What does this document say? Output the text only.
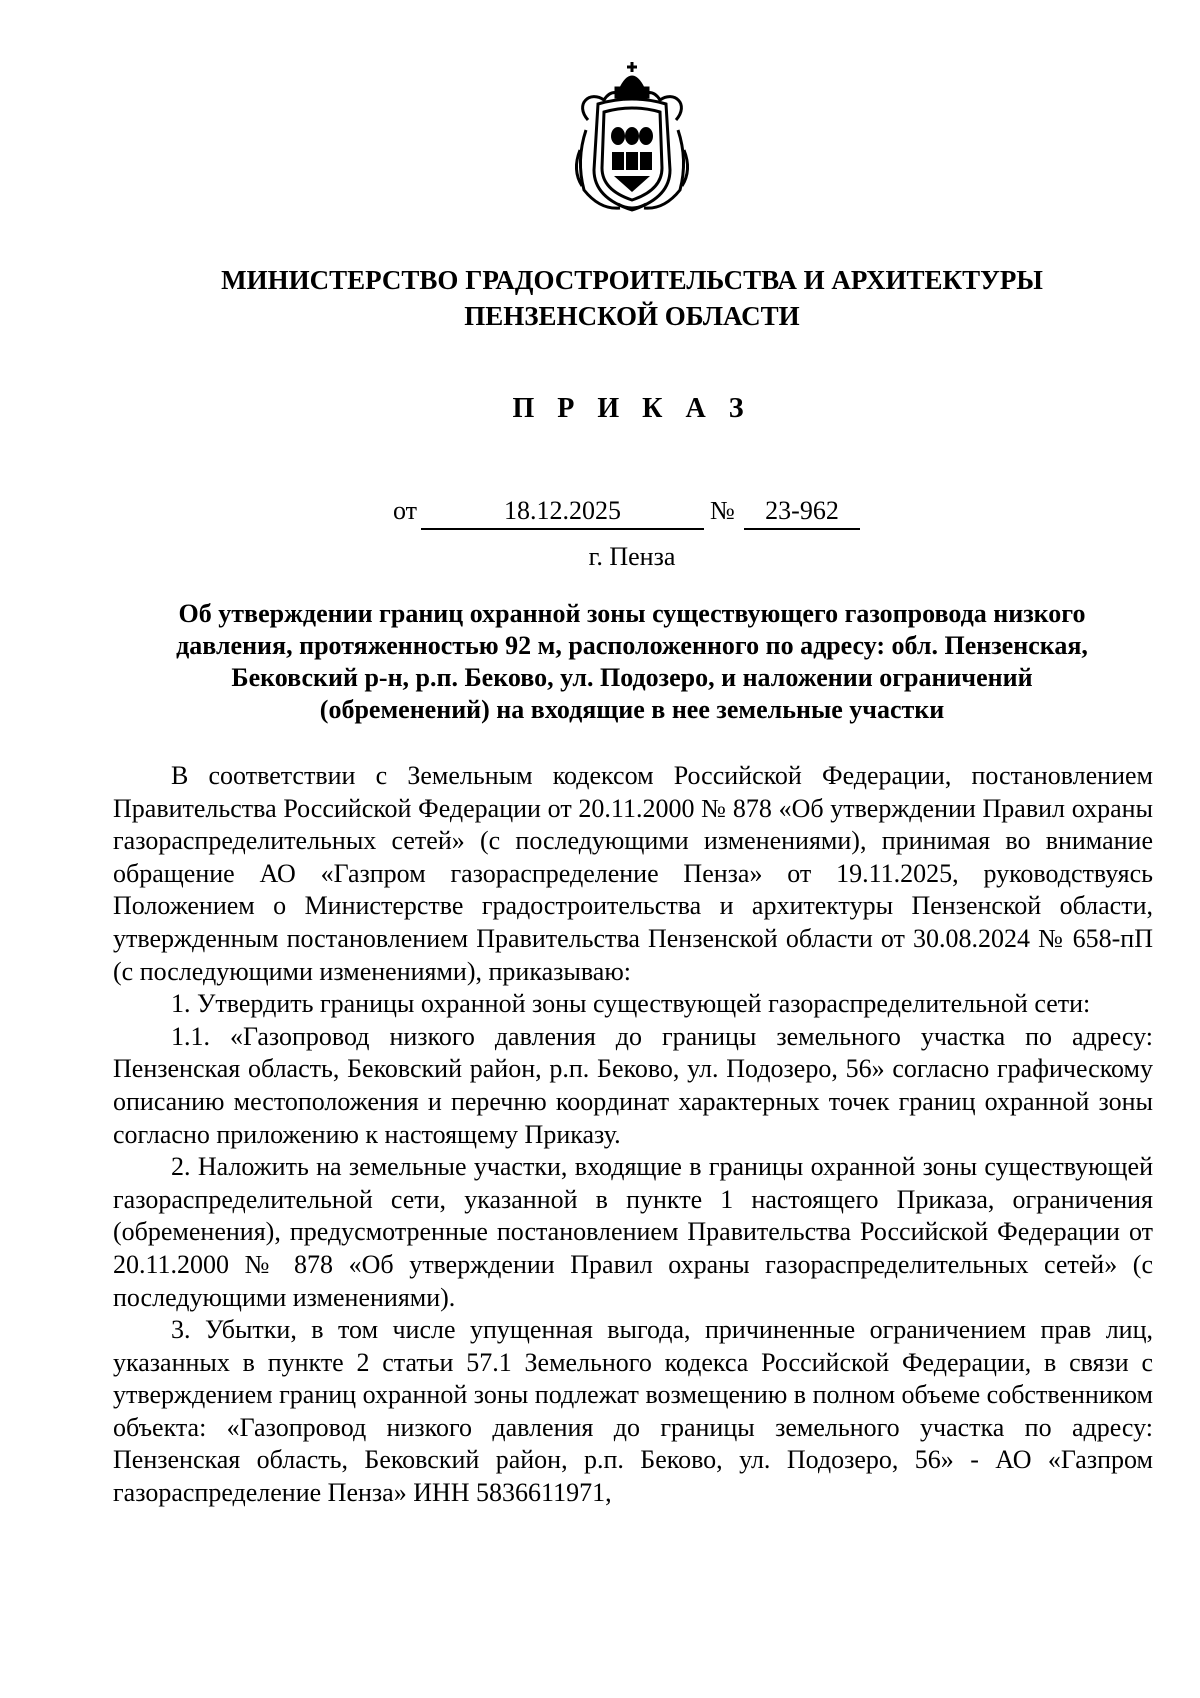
МИНИСТЕРСТВО ГРАДОСТРОИТЕЛЬСТВА И АРХИТЕКТУРЫ
ПЕНЗЕНСКОЙ ОБЛАСТИ
П Р И К А З
от	18.12.2025	№	23-962
г. Пенза
Об утверждении границ охранной зоны существующего газопровода низкого
давления, протяженностью 92 м, расположенного по адресу: обл. Пензенская,
Бековский р-н, р.п. Беково, ул. Подозеро, и наложении ограничений
(обременений) на входящие в нее земельные участки

В соответствии с Земельным кодексом Российской Федерации, постановлением Правительства Российской Федерации от 20.11.2000 № 878 «Об утверждении Правил охраны газораспределительных сетей» (с последующими изменениями), принимая во внимание обращение АО «Газпром газораспределение Пенза» от 19.11.2025, руководствуясь Положением о Министерстве градостроительства и архитектуры Пензенской области, утвержденным постановлением Правительства Пензенской области от 30.08.2024 № 658-пП (с последующими изменениями), приказываю:

1. Утвердить границы охранной зоны существующей газораспределительной сети:

1.1. «Газопровод низкого давления до границы земельного участка по адресу: Пензенская область, Бековский район, р.п. Беково, ул. Подозеро, 56» согласно графическому описанию местоположения и перечню координат характерных точек границ охранной зоны согласно приложению к настоящему Приказу.

2. Наложить на земельные участки, входящие в границы охранной зоны существующей газораспределительной сети, указанной в пункте 1 настоящего Приказа, ограничения (обременения), предусмотренные постановлением Правительства Российской Федерации от 20.11.2000 № 878 «Об утверждении Правил охраны газораспределительных сетей» (с последующими изменениями).

3. Убытки, в том числе упущенная выгода, причиненные ограничением прав лиц, указанных в пункте 2 статьи 57.1 Земельного кодекса Российской Федерации, в связи с утверждением границ охранной зоны подлежат возмещению в полном объеме собственником объекта: «Газопровод низкого давления до границы земельного участка по адресу: Пензенская область, Бековский район, р.п. Беково, ул. Подозеро, 56» - АО «Газпром газораспределение Пенза» ИНН 5836611971,
